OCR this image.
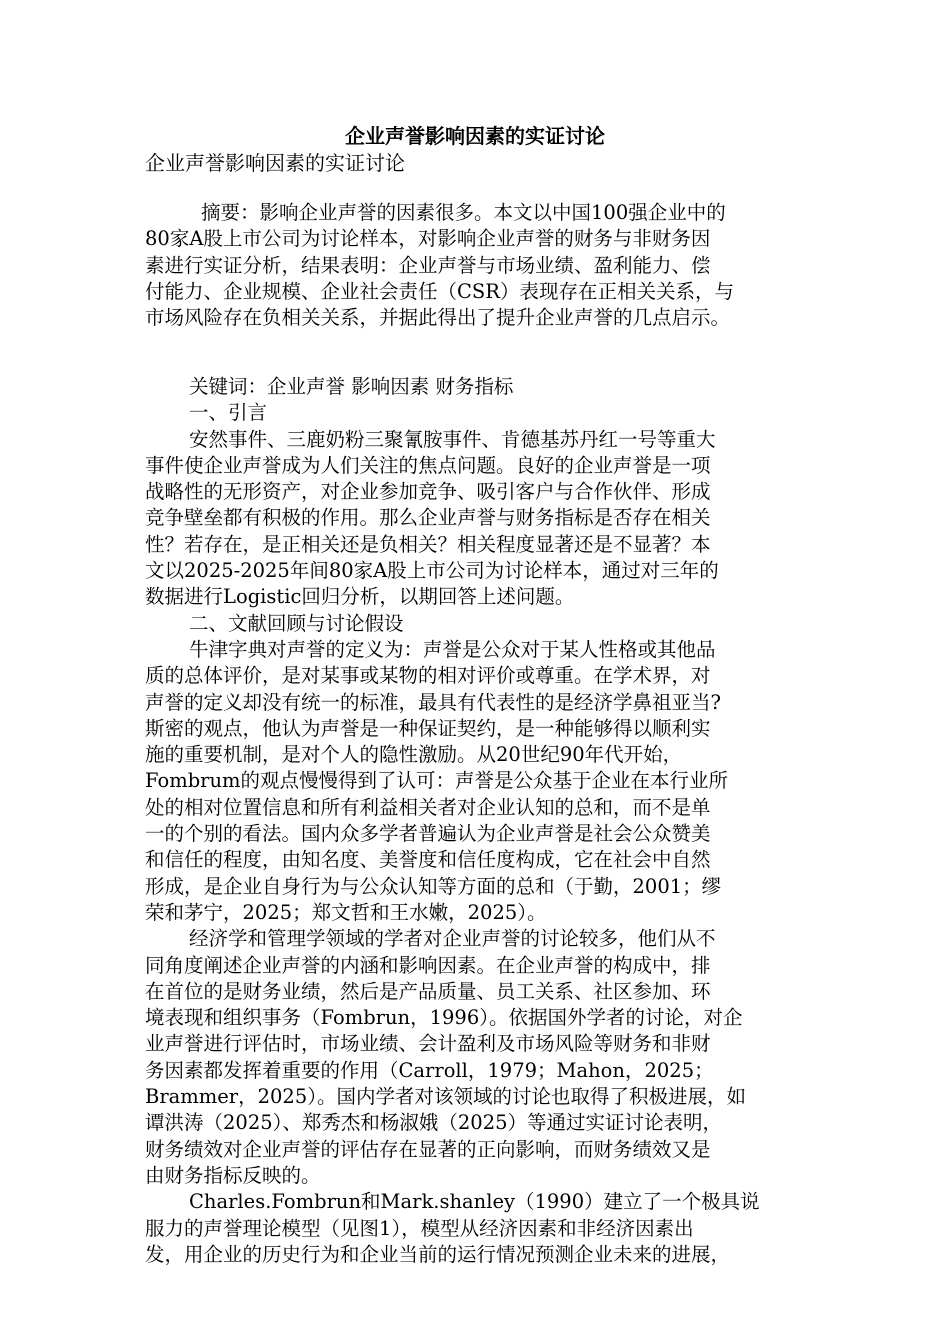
企业声誉影响因素的实证讨论
企业声誉影响因素的实证讨论
摘要：影响企业声誉的因素很多。本文以中国100强企业中的
80家A股上市公司为讨论样本，对影响企业声誉的财务与非财务因
素进行实证分析，结果表明：企业声誉与市场业绩、盈利能力、偿
付能力、企业规模、企业社会责任（CSR）表现存在正相关关系，与
市场风险存在负相关关系，并据此得出了提升企业声誉的几点启示。
关键词：企业声誉 影响因素 财务指标
一、引言
安然事件、三鹿奶粉三聚氰胺事件、肯德基苏丹红一号等重大
事件使企业声誉成为人们关注的焦点问题。良好的企业声誉是一项
战略性的无形资产，对企业参加竞争、吸引客户与合作伙伴、形成
竞争壁垒都有积极的作用。那么企业声誉与财务指标是否存在相关
性？若存在，是正相关还是负相关？相关程度显著还是不显著？本
文以2025-2025年间80家A股上市公司为讨论样本，通过对三年的
数据进行Logistic回归分析，以期回答上述问题。
二、文献回顾与讨论假设
牛津字典对声誉的定义为：声誉是公众对于某人性格或其他品
质的总体评价，是对某事或某物的相对评价或尊重。在学术界，对
声誉的定义却没有统一的标准，最具有代表性的是经济学鼻祖亚当?
斯密的观点，他认为声誉是一种保证契约，是一种能够得以顺利实
施的重要机制，是对个人的隐性激励。从20世纪90年代开始，
Fombrum的观点慢慢得到了认可：声誉是公众基于企业在本行业所
处的相对位置信息和所有利益相关者对企业认知的总和，而不是单
一的个别的看法。国内众多学者普遍认为企业声誉是社会公众赞美
和信任的程度，由知名度、美誉度和信任度构成，它在社会中自然
形成，是企业自身行为与公众认知等方面的总和（于勤，2001；缪
荣和茅宁，2025；郑文哲和王水嫩，2025）。
经济学和管理学领域的学者对企业声誉的讨论较多，他们从不
同角度阐述企业声誉的内涵和影响因素。在企业声誉的构成中，排
在首位的是财务业绩，然后是产品质量、员工关系、社区参加、环
境表现和组织事务（Fombrun，1996）。依据国外学者的讨论，对企
业声誉进行评估时，市场业绩、会计盈利及市场风险等财务和非财
务因素都发挥着重要的作用（Carroll，1979；Mahon，2025；
Brammer，2025）。国内学者对该领域的讨论也取得了积极进展，如
谭洪涛（2025）、郑秀杰和杨淑娥（2025）等通过实证讨论表明，
财务绩效对企业声誉的评估存在显著的正向影响，而财务绩效又是
由财务指标反映的。
Charles.Fombrun和Mark.shanley（1990）建立了一个极具说
服力的声誉理论模型（见图1），模型从经济因素和非经济因素出
发，用企业的历史行为和企业当前的运行情况预测企业未来的进展，
